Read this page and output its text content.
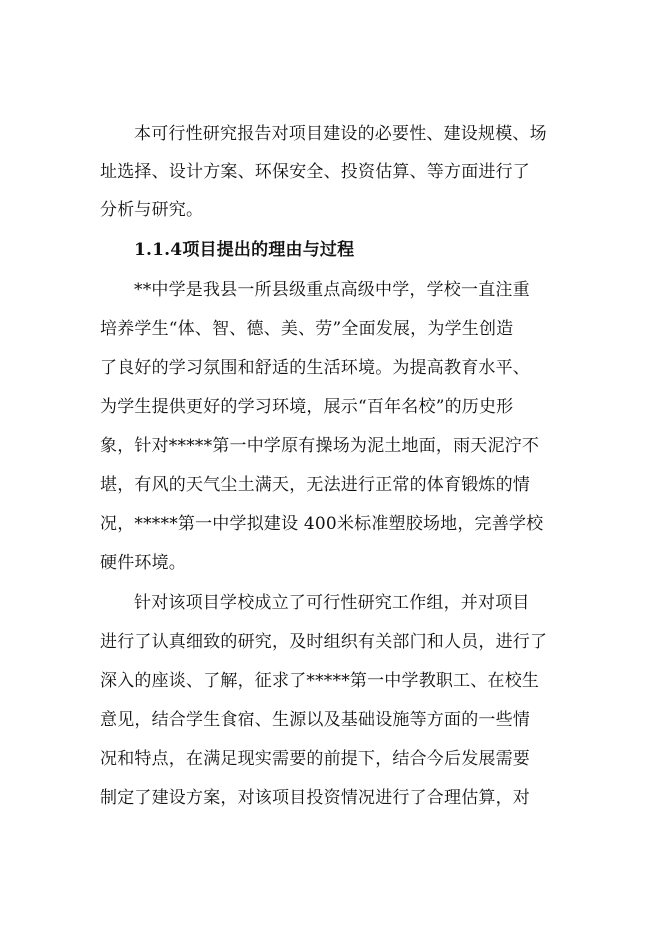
本可行性研究报告对项目建设的必要性、建设规模、场
址选择、设计方案、环保安全、投资估算、等方面进行了
分析与研究。
1.1.4项目提出的理由与过程
**中学是我县一所县级重点高级中学，学校一直注重
培养学生“体、智、德、美、劳”全面发展，为学生创造
了良好的学习氛围和舒适的生活环境。为提高教育水平、
为学生提供更好的学习环境，展示“百年名校”的历史形
象，针对*****第一中学原有操场为泥土地面，雨天泥泞不
堪，有风的天气尘土满天，无法进行正常的体育锻炼的情
况，*****第一中学拟建设 400米标准塑胶场地，完善学校
硬件环境。
针对该项目学校成立了可行性研究工作组，并对项目
进行了认真细致的研究，及时组织有关部门和人员，进行了
深入的座谈、了解，征求了*****第一中学教职工、在校生
意见，结合学生食宿、生源以及基础设施等方面的一些情
况和特点，在满足现实需要的前提下，结合今后发展需要
制定了建设方案，对该项目投资情况进行了合理估算，对
